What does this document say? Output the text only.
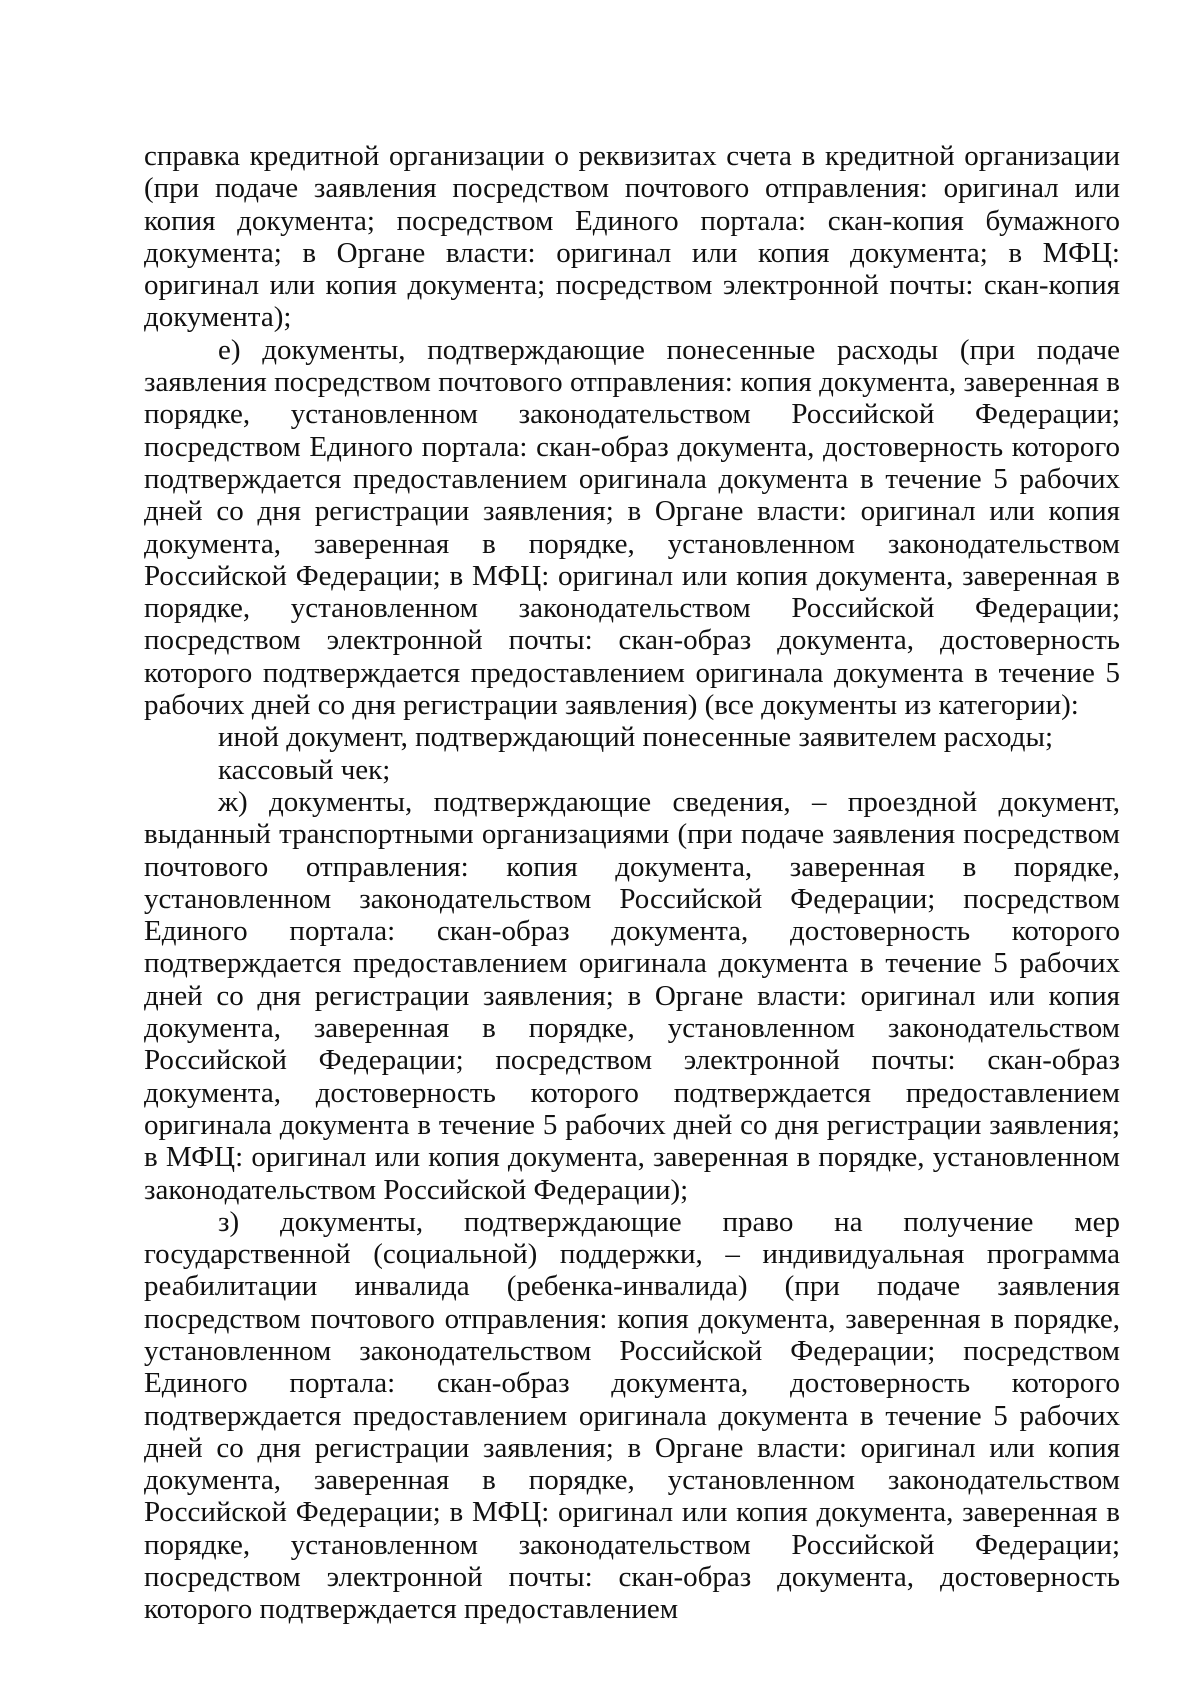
справка кредитной организации о реквизитах счета в кредитной организации (при подаче заявления посредством почтового отправления: оригинал или копия документа; посредством Единого портала: скан-копия бумажного документа; в Органе власти: оригинал или копия документа; в МФЦ: оригинал или копия документа; посредством электронной почты: скан-копия документа);

е) документы, подтверждающие понесенные расходы (при подаче заявления посредством почтового отправления: копия документа, заверенная в порядке, установленном законодательством Российской Федерации; посредством Единого портала: скан-образ документа, достоверность которого подтверждается предоставлением оригинала документа в течение 5 рабочих дней со дня регистрации заявления; в Органе власти: оригинал или копия документа, заверенная в порядке, установленном законодательством Российской Федерации; в МФЦ: оригинал или копия документа, заверенная в порядке, установленном законодательством Российской Федерации; посредством электронной почты: скан-образ документа, достоверность которого подтверждается предоставлением оригинала документа в течение 5 рабочих дней со дня регистрации заявления) (все документы из категории):

иной документ, подтверждающий понесенные заявителем расходы;

кассовый чек;

ж) документы, подтверждающие сведения, – проездной документ, выданный транспортными организациями (при подаче заявления посредством почтового отправления: копия документа, заверенная в порядке, установленном законодательством Российской Федерации; посредством Единого портала: скан-образ документа, достоверность которого подтверждается предоставлением оригинала документа в течение 5 рабочих дней со дня регистрации заявления; в Органе власти: оригинал или копия документа, заверенная в порядке, установленном законодательством Российской Федерации; посредством электронной почты: скан-образ документа, достоверность которого подтверждается предоставлением оригинала документа в течение 5 рабочих дней со дня регистрации заявления; в МФЦ: оригинал или копия документа, заверенная в порядке, установленном законодательством Российской Федерации);

з) документы, подтверждающие право на получение мер государственной (социальной) поддержки, – индивидуальная программа реабилитации инвалида (ребенка-инвалида) (при подаче заявления посредством почтового отправления: копия документа, заверенная в порядке, установленном законодательством Российской Федерации; посредством Единого портала: скан-образ документа, достоверность которого подтверждается предоставлением оригинала документа в течение 5 рабочих дней со дня регистрации заявления; в Органе власти: оригинал или копия документа, заверенная в порядке, установленном законодательством Российской Федерации; в МФЦ: оригинал или копия документа, заверенная в порядке, установленном законодательством Российской Федерации; посредством электронной почты: скан-образ документа, достоверность которого подтверждается предоставлением
